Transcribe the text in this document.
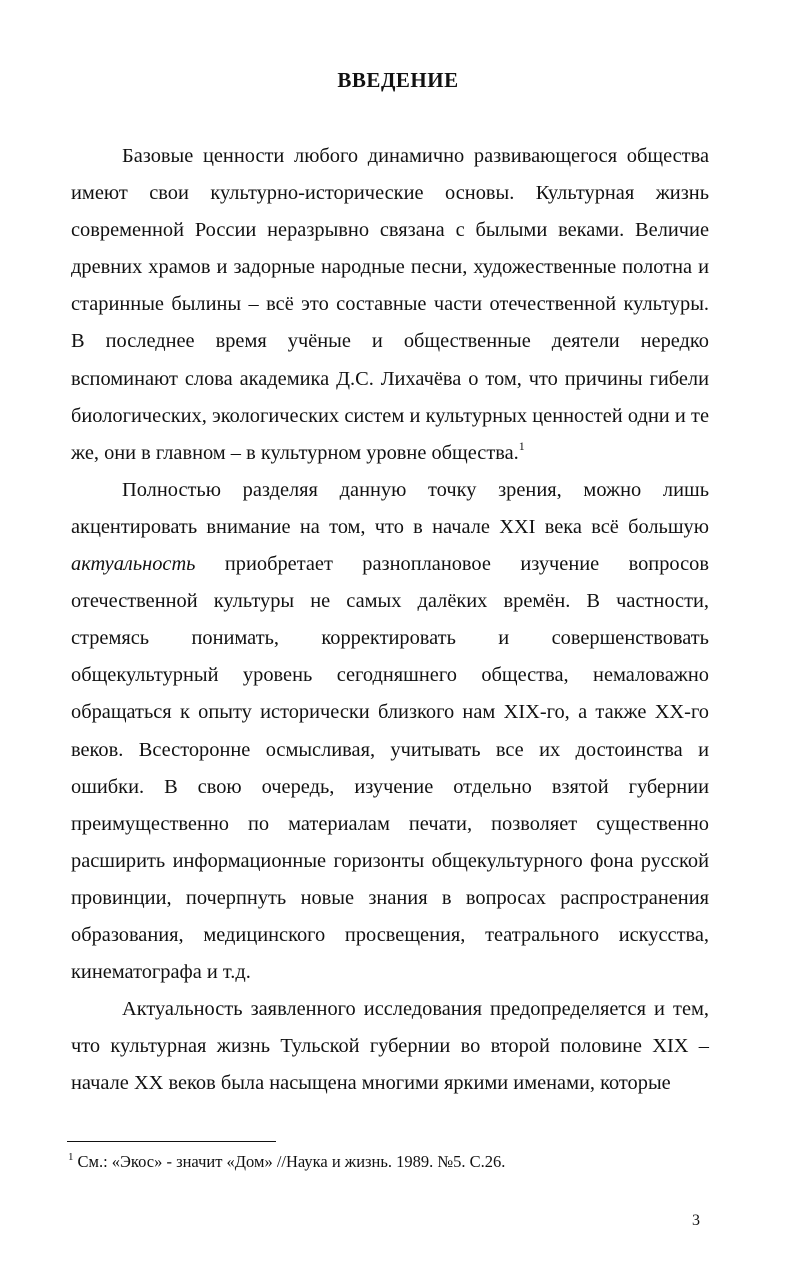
ВВЕДЕНИЕ

Базовые ценности любого динамично развивающегося общества имеют свои культурно-исторические основы. Культурная жизнь современной России неразрывно связана с былыми веками. Величие древних храмов и задорные народные песни, художественные полотна и старинные былины – всё это составные части отечественной культуры. В последнее время учёные и общественные деятели нередко вспоминают слова академика Д.С. Лихачёва о том, что причины гибели биологических, экологических систем и культурных ценностей одни и те же, они в главном – в культурном уровне общества.$^1$

Полностью разделяя данную точку зрения, можно лишь акцентировать внимание на том, что в начале XXI века всё большую актуальность приобретает разноплановое изучение вопросов отечественной культуры не самых далёких времён. В частности, стремясь понимать, корректировать и совершенствовать общекультурный уровень сегодняшнего общества, немаловажно обращаться к опыту исторически близкого нам XIX-го, а также XX-го веков. Всесторонне осмысливая, учитывать все их достоинства и ошибки. В свою очередь, изучение отдельно взятой губернии преимущественно по материалам печати, позволяет существенно расширить информационные горизонты общекультурного фона русской провинции, почерпнуть новые знания в вопросах распространения образования, медицинского просвещения, театрального искусства, кинематографа и т.д.

Актуальность заявленного исследования предопределяется и тем, что культурная жизнь Тульской губернии во второй половине XIX – начале XX веков была насыщена многими яркими именами, которые

$^1$ См.: «Экос» - значит «Дом» //Наука и жизнь. 1989. №5. С.26.
3
